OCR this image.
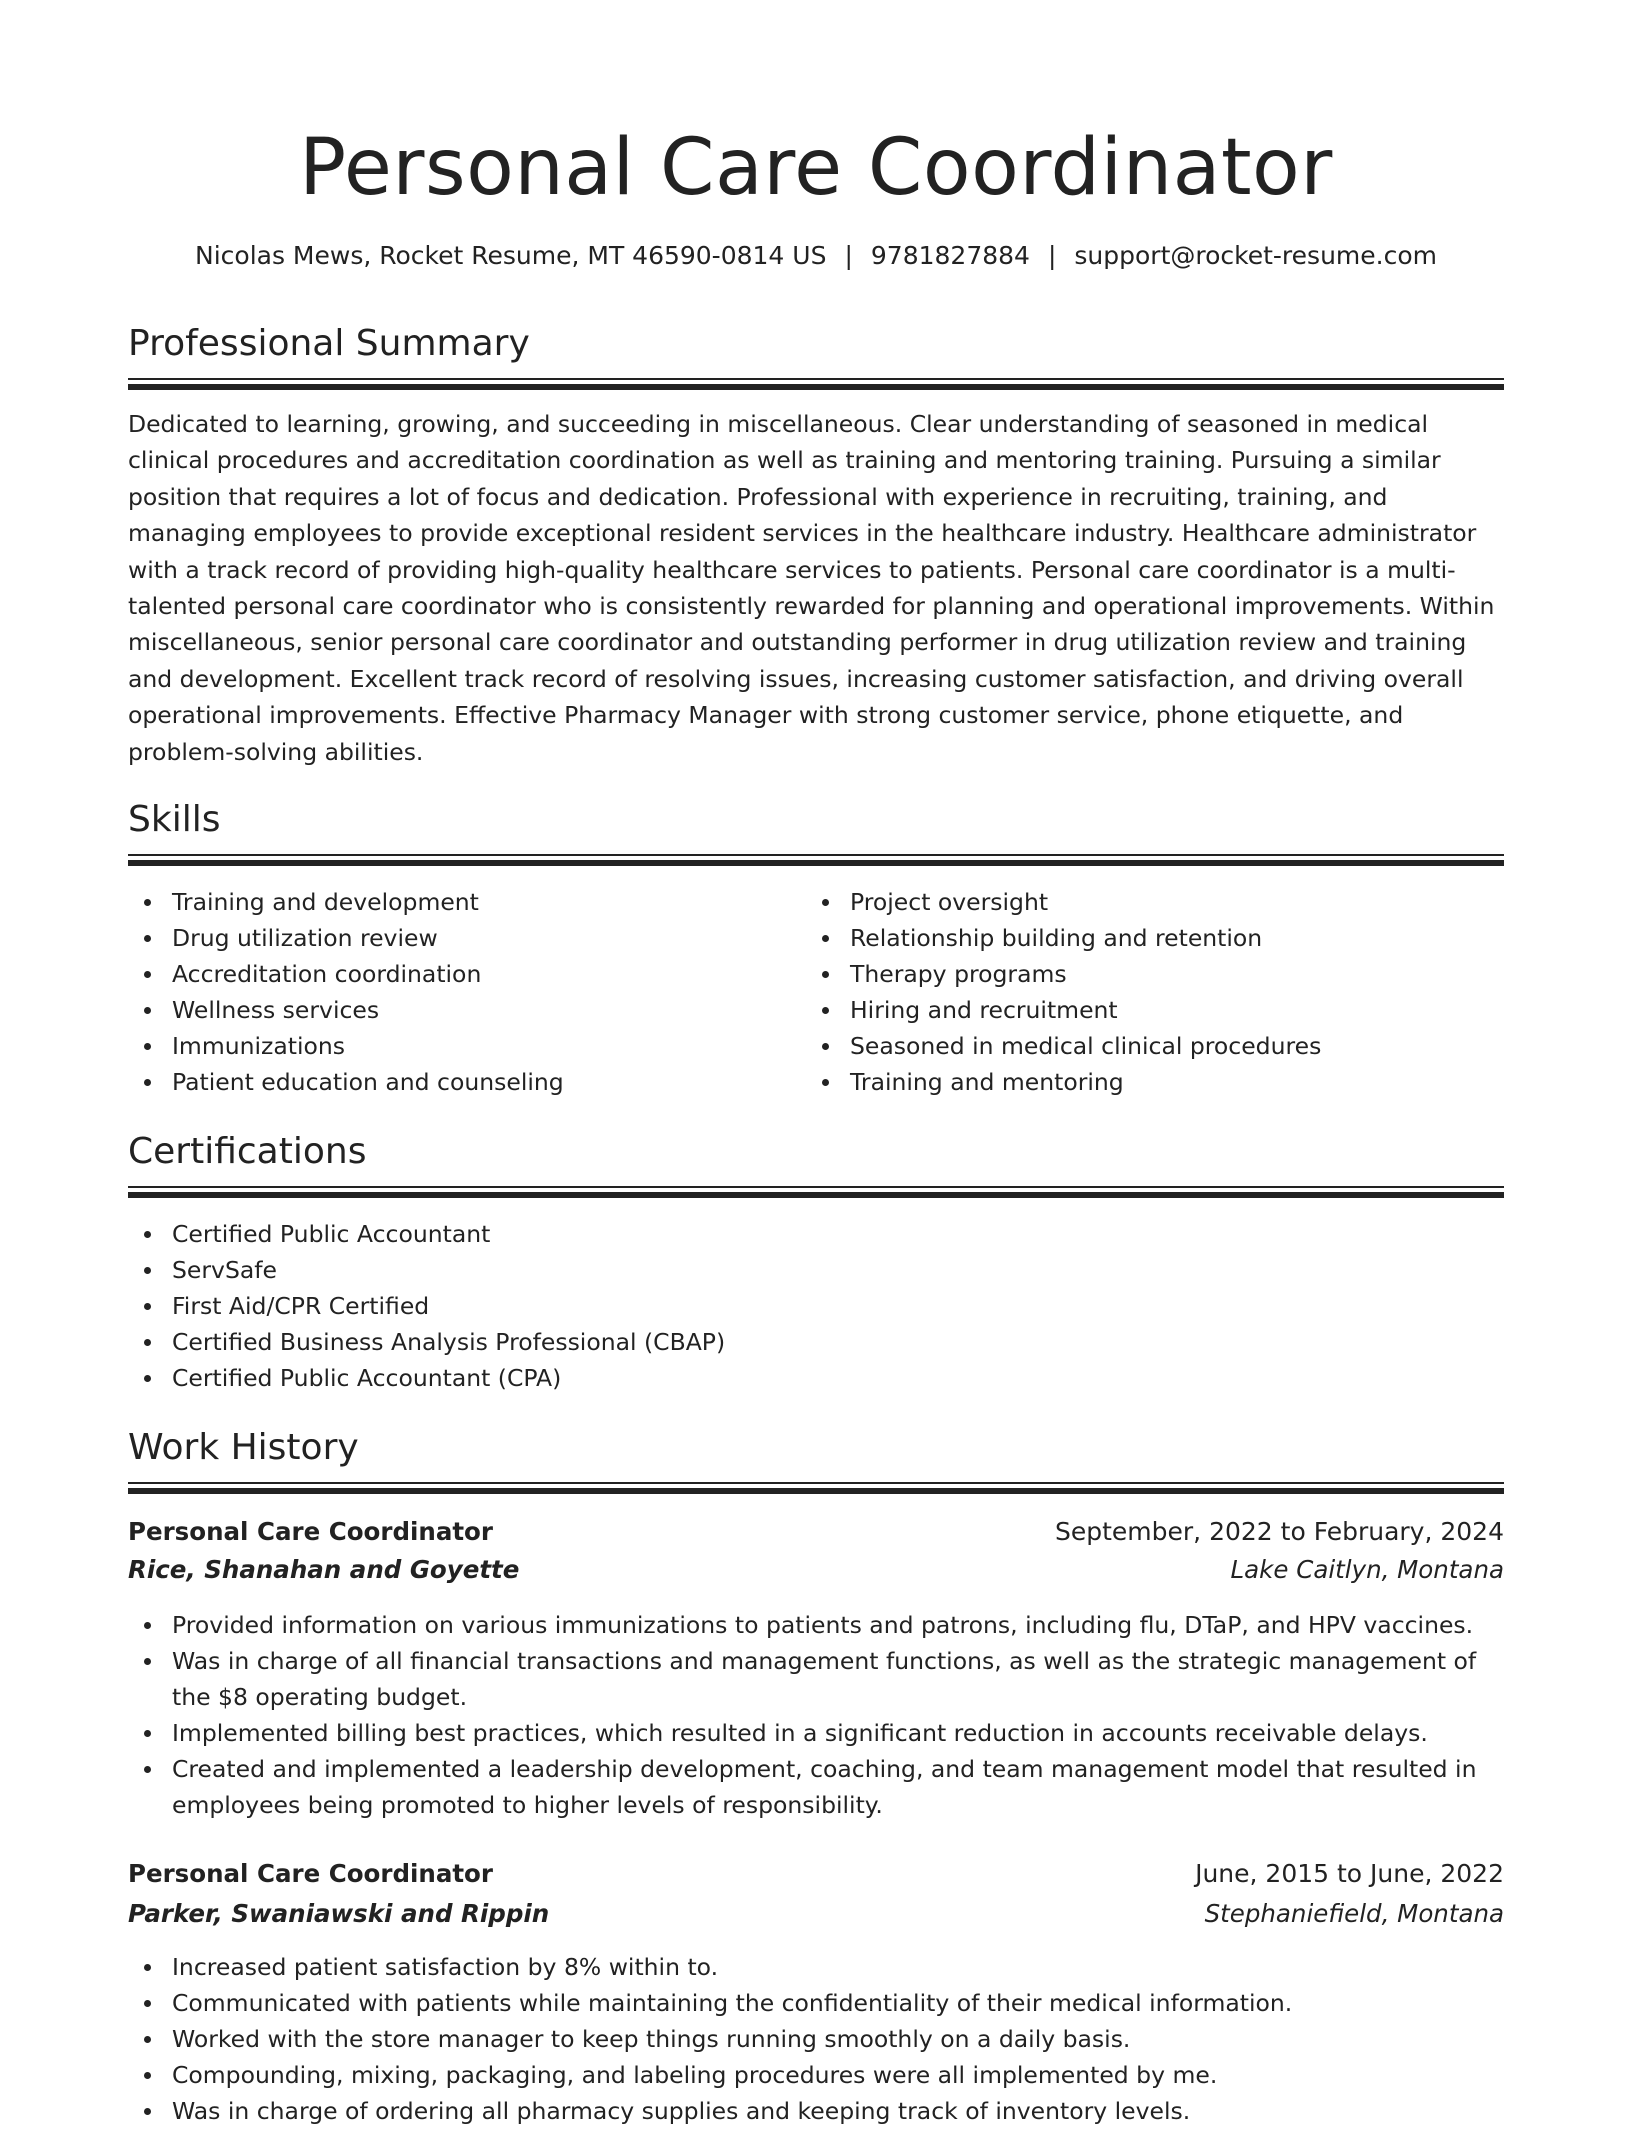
Personal Care Coordinator
Nicolas Mews, Rocket Resume, MT 46590-0814 US | 9781827884 | support@rocket-resume.com
Professional Summary

Dedicated to learning, growing, and succeeding in miscellaneous. Clear understanding of seasoned in medical clinical procedures and accreditation coordination as well as training and mentoring training. Pursuing a similar position that requires a lot of focus and dedication. Professional with experience in recruiting, training, and managing employees to provide exceptional resident services in the healthcare industry. Healthcare administrator with a track record of providing high-quality healthcare services to patients. Personal care coordinator is a multi-talented personal care coordinator who is consistently rewarded for planning and operational improvements. Within miscellaneous, senior personal care coordinator and outstanding performer in drug utilization review and training and development. Excellent track record of resolving issues, increasing customer satisfaction, and driving overall operational improvements. Effective Pharmacy Manager with strong customer service, phone etiquette, and problem-solving abilities.

Skills
Training and development
Drug utilization review
Accreditation coordination
Wellness services
Immunizations
Patient education and counseling
Project oversight
Relationship building and retention
Therapy programs
Hiring and recruitment
Seasoned in medical clinical procedures
Training and mentoring
Certifications
Certified Public Accountant
ServSafe
First Aid/CPR Certified
Certified Business Analysis Professional (CBAP)
Certified Public Accountant (CPA)
Work History
Personal Care Coordinator	September, 2022 to February, 2024
Rice, Shanahan and Goyette	Lake Caitlyn, Montana
Provided information on various immunizations to patients and patrons, including flu, DTaP, and HPV vaccines.
Was in charge of all financial transactions and management functions, as well as the strategic management of the $8 operating budget.
Implemented billing best practices, which resulted in a significant reduction in accounts receivable delays.
Created and implemented a leadership development, coaching, and team management model that resulted in employees being promoted to higher levels of responsibility.
Personal Care Coordinator	June, 2015 to June, 2022
Parker, Swaniawski and Rippin	Stephaniefield, Montana
Increased patient satisfaction by 8% within to.
Communicated with patients while maintaining the confidentiality of their medical information.
Worked with the store manager to keep things running smoothly on a daily basis.
Compounding, mixing, packaging, and labeling procedures were all implemented by me.
Was in charge of ordering all pharmacy supplies and keeping track of inventory levels.
